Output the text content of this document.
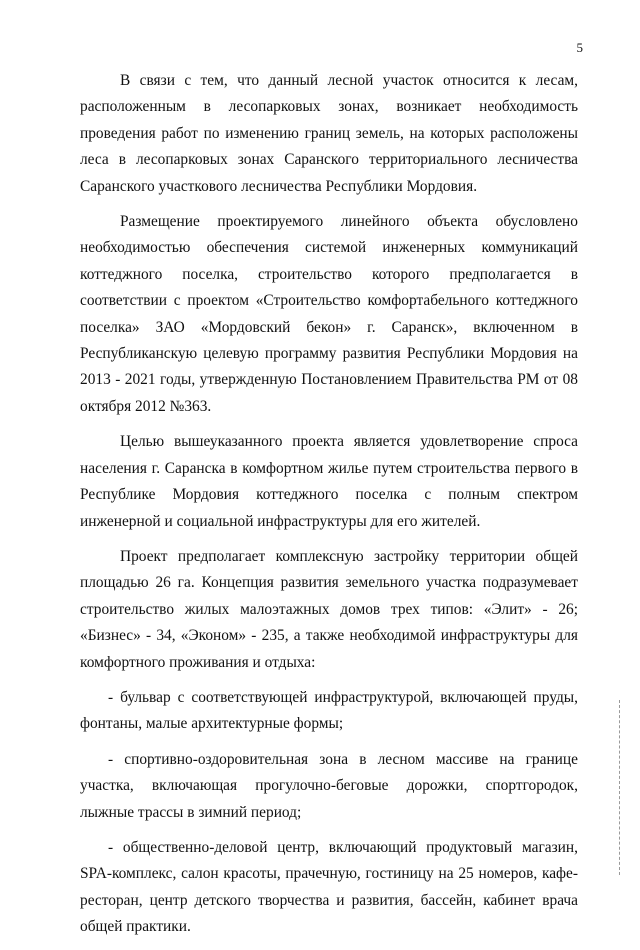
5

В связи с тем, что данный лесной участок относится к лесам, расположенным в лесопарковых зонах, возникает необходимость проведения работ по изменению границ земель, на которых расположены леса в лесопарковых зонах Саранского территориального лесничества Саранского участкового лесничества Республики Мордовия.

Размещение проектируемого линейного объекта обусловлено необходимостью обеспечения системой инженерных коммуникаций коттеджного поселка, строительство которого предполагается в соответствии с проектом «Строительство комфортабельного коттеджного поселка» ЗАО «Мордовский бекон» г. Саранск», включенном в Республиканскую целевую программу развития Республики Мордовия на 2013 - 2021 годы, утвержденную Постановлением Правительства РМ от 08 октября 2012 №363.

Целью вышеуказанного проекта является удовлетворение спроса населения г. Саранска в комфортном жилье путем строительства первого в Республике Мордовия коттеджного поселка с полным спектром инженерной и социальной инфраструктуры для его жителей.

Проект предполагает комплексную застройку территории общей площадью 26 га. Концепция развития земельного участка подразумевает строительство жилых малоэтажных домов трех типов: «Элит» - 26; «Бизнес» - 34, «Эконом» - 235, а также необходимой инфраструктуры для комфортного проживания и отдыха:

- бульвар с соответствующей инфраструктурой, включающей пруды, фонтаны, малые архитектурные формы;

- спортивно-оздоровительная зона в лесном массиве на границе участка, включающая прогулочно-беговые дорожки, спортгородок, лыжные трассы в зимний период;

- общественно-деловой центр, включающий продуктовый магазин, SPA-комплекс, салон красоты, прачечную, гостиницу на 25 номеров, кафе-ресторан, центр детского творчества и развития, бассейн, кабинет врача общей практики.
